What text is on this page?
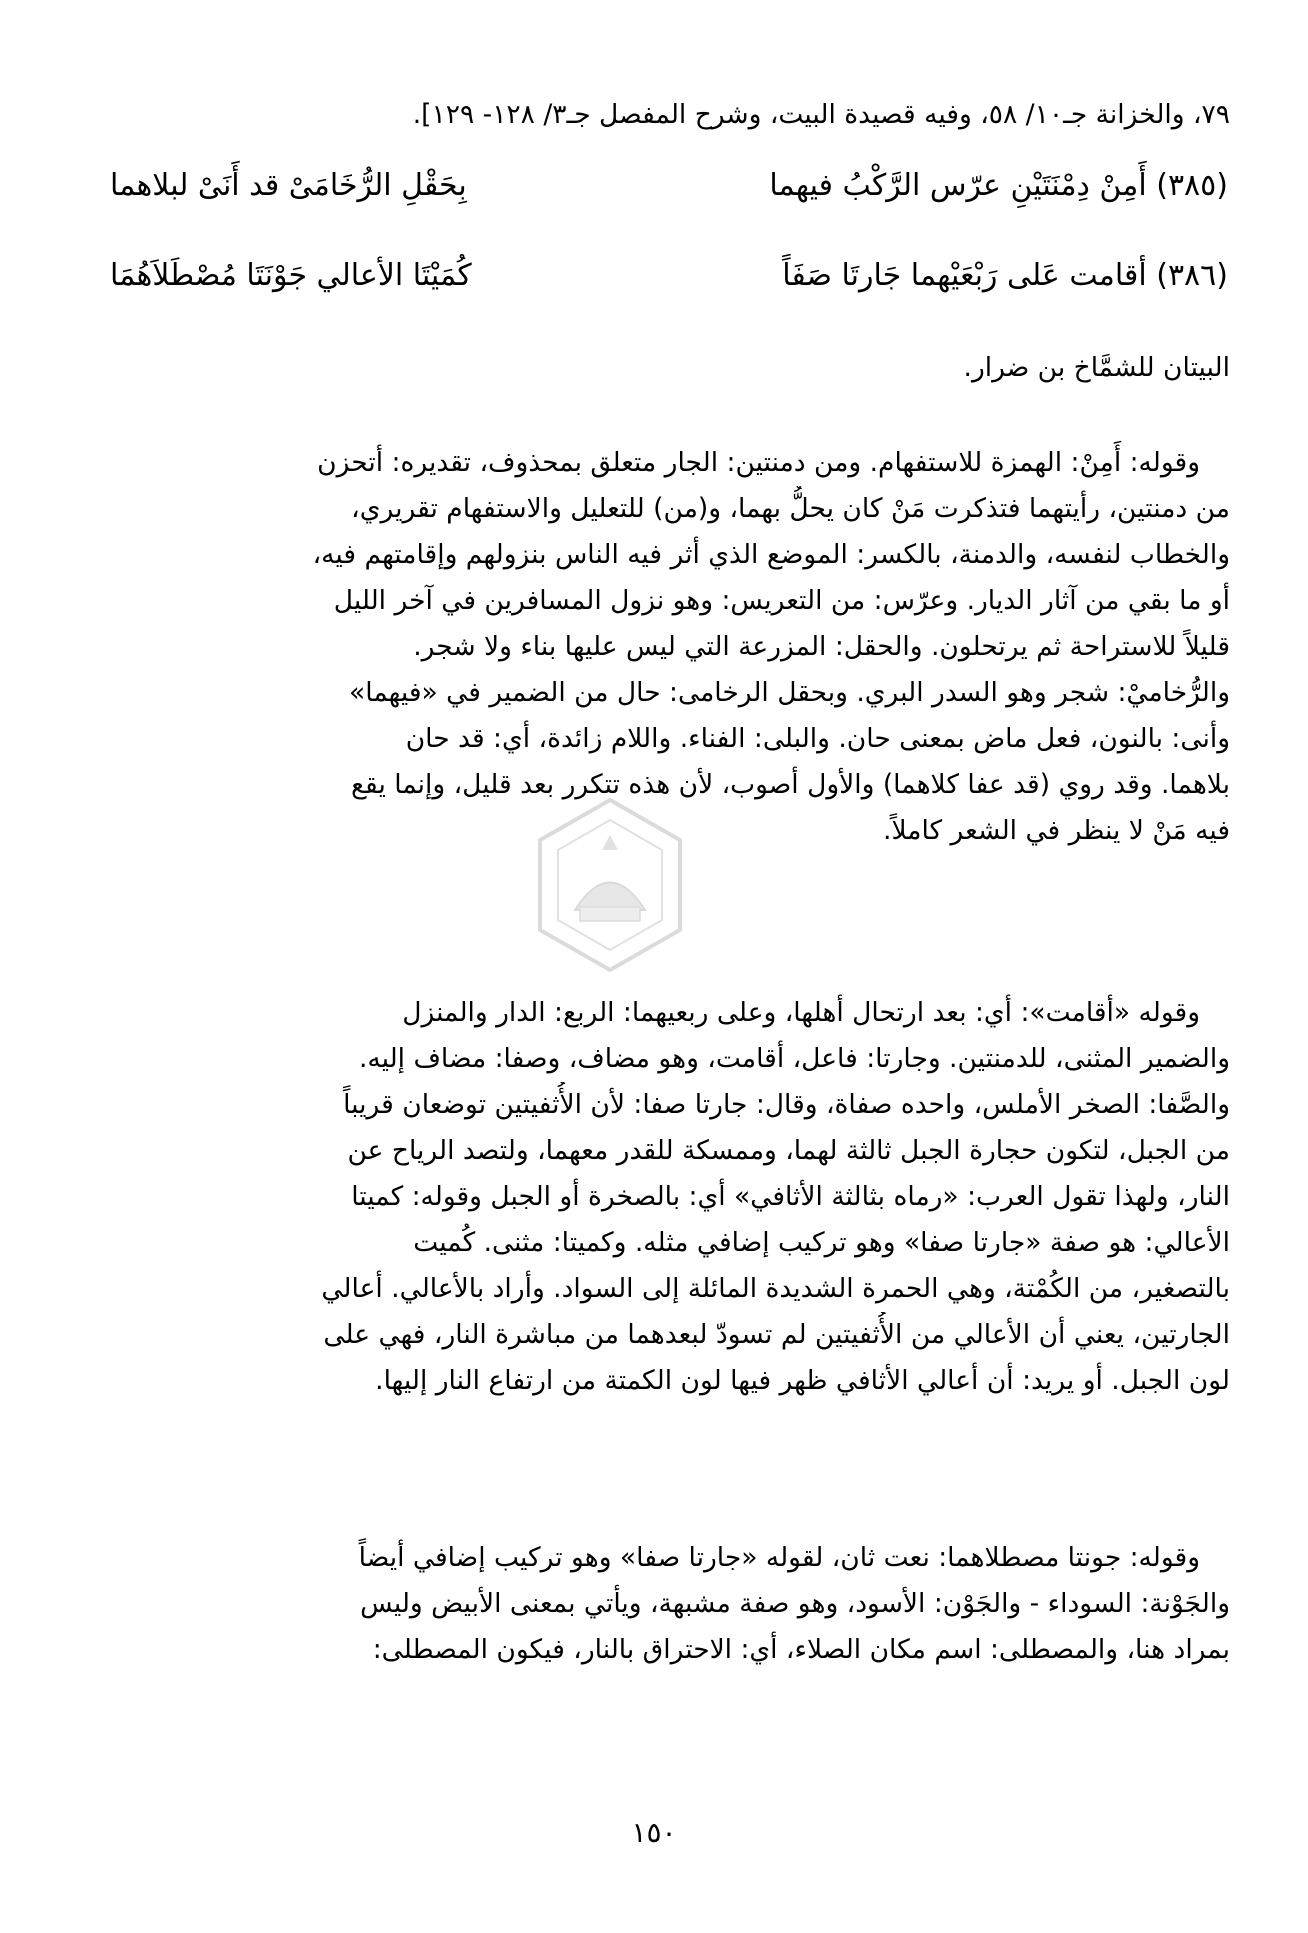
٧٩، والخزانة جـ١٠/ ٥٨، وفيه قصيدة البيت، وشرح المفصل جـ٣/ ١٢٨- ١٢٩].
(٣٨٥) أَمِنْ دِمْنَتَيْنِ عرّس الرَّكْبُ فيهما
بِحَقْلِ الرُّخَامَىْ قد أَنَىْ لبلاهما
(٣٨٦) أقامت عَلى رَبْعَيْهما جَارتَا صَفَاً
كُمَيْتَا الأعالي جَوْنَتَا مُصْطَلاَهُمَا
البيتان للشمَّاخ بن ضرار.
وقوله: أَمِنْ: الهمزة للاستفهام. ومن دمنتين: الجار متعلق بمحذوف، تقديره: أتحزن
من دمنتين، رأيتهما فتذكرت مَنْ كان يحلُّ بهما، و(من) للتعليل والاستفهام تقريري،
والخطاب لنفسه، والدمنة، بالكسر: الموضع الذي أثر فيه الناس بنزولهم وإقامتهم فيه،
أو ما بقي من آثار الديار. وعرّس: من التعريس: وهو نزول المسافرين في آخر الليل
قليلاً للاستراحة ثم يرتحلون. والحقل: المزرعة التي ليس عليها بناء ولا شجر.
والرُّخاميْ: شجر وهو السدر البري. وبحقل الرخامى: حال من الضمير في «فيهما»
وأنى: بالنون، فعل ماض بمعنى حان. والبلى: الفناء. واللام زائدة، أي: قد حان
بلاهما. وقد روي (قد عفا كلاهما) والأول أصوب، لأن هذه تتكرر بعد قليل، وإنما يقع
فيه مَنْ لا ينظر في الشعر كاملاً.
وقوله «أقامت»: أي: بعد ارتحال أهلها، وعلى ربعيهما: الربع: الدار والمنزل
والضمير المثنى، للدمنتين. وجارتا: فاعل، أقامت، وهو مضاف، وصفا: مضاف إليه.
والصَّفا: الصخر الأملس، واحده صفاة، وقال: جارتا صفا: لأن الأُثفيتين توضعان قريباً
من الجبل، لتكون حجارة الجبل ثالثة لهما، وممسكة للقدر معهما، ولتصد الرياح عن
النار، ولهذا تقول العرب: «رماه بثالثة الأثافي» أي: بالصخرة أو الجبل وقوله: كميتا
الأعالي: هو صفة «جارتا صفا» وهو تركيب إضافي مثله. وكميتا: مثنى. كُميت
بالتصغير، من الكُمْتة، وهي الحمرة الشديدة المائلة إلى السواد. وأراد بالأعالي. أعالي
الجارتين، يعني أن الأعالي من الأُثفيتين لم تسودّ لبعدهما من مباشرة النار، فهي على
لون الجبل. أو يريد: أن أعالي الأثافي ظهر فيها لون الكمتة من ارتفاع النار إليها.
وقوله: جونتا مصطلاهما: نعت ثان، لقوله «جارتا صفا» وهو تركيب إضافي أيضاً
والجَوْنة: السوداء - والجَوْن: الأسود، وهو صفة مشبهة، ويأتي بمعنى الأبيض وليس
بمراد هنا، والمصطلى: اسم مكان الصلاء، أي: الاحتراق بالنار، فيكون المصطلى:
١٥٠
